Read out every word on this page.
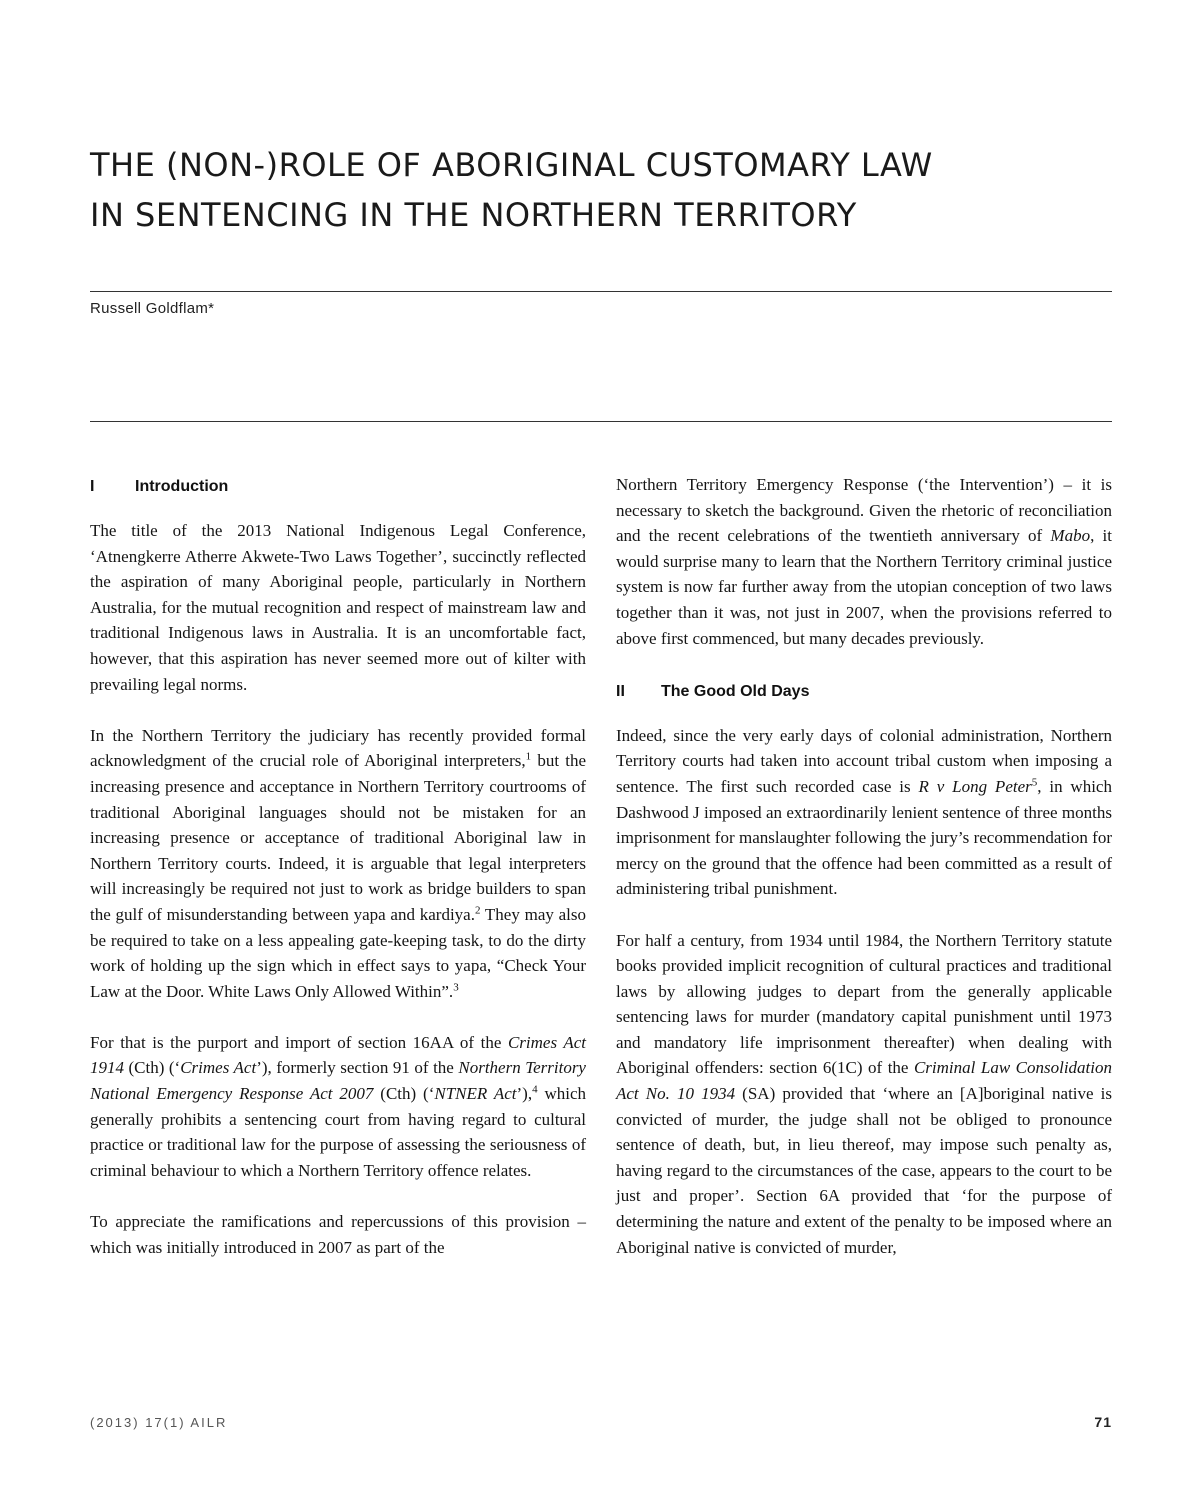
THE (NON-)ROLE OF ABORIGINAL CUSTOMARY LAW
IN SENTENCING IN THE NORTHERN TERRITORY
Russell Goldflam*
I	Introduction

The title of the 2013 National Indigenous Legal Conference, ‘Atnengkerre Atherre Akwete-Two Laws Together’, succinctly reflected the aspiration of many Aboriginal people, particularly in Northern Australia, for the mutual recognition and respect of mainstream law and traditional Indigenous laws in Australia. It is an uncomfortable fact, however, that this aspiration has never seemed more out of kilter with prevailing legal norms.

In the Northern Territory the judiciary has recently provided formal acknowledgment of the crucial role of Aboriginal interpreters,$^1$ but the increasing presence and acceptance in Northern Territory courtrooms of traditional Aboriginal languages should not be mistaken for an increasing presence or acceptance of traditional Aboriginal law in Northern Territory courts. Indeed, it is arguable that legal interpreters will increasingly be required not just to work as bridge builders to span the gulf of misunderstanding between yapa and kardiya.$^2$ They may also be required to take on a less appealing gate-keeping task, to do the dirty work of holding up the sign which in effect says to yapa, “Check Your Law at the Door. White Laws Only Allowed Within”.$^3$

For that is the purport and import of section 16AA of the Crimes Act 1914 (Cth) (‘Crimes Act’), formerly section 91 of the Northern Territory National Emergency Response Act 2007 (Cth) (‘NTNER Act’),$^4$ which generally prohibits a sentencing court from having regard to cultural practice or traditional law for the purpose of assessing the seriousness of criminal behaviour to which a Northern Territory offence relates.

To appreciate the ramifications and repercussions of this provision – which was initially introduced in 2007 as part of the

Northern Territory Emergency Response (‘the Intervention’) – it is necessary to sketch the background. Given the rhetoric of reconciliation and the recent celebrations of the twentieth anniversary of Mabo, it would surprise many to learn that the Northern Territory criminal justice system is now far further away from the utopian conception of two laws together than it was, not just in 2007, when the provisions referred to above first commenced, but many decades previously.

II The Good Old Days

Indeed, since the very early days of colonial administration, Northern Territory courts had taken into account tribal custom when imposing a sentence. The first such recorded case is R v Long Peter$^5$, in which Dashwood J imposed an extraordinarily lenient sentence of three months imprisonment for manslaughter following the jury’s recommendation for mercy on the ground that the offence had been committed as a result of administering tribal punishment.

For half a century, from 1934 until 1984, the Northern Territory statute books provided implicit recognition of cultural practices and traditional laws by allowing judges to depart from the generally applicable sentencing laws for murder (mandatory capital punishment until 1973 and mandatory life imprisonment thereafter) when dealing with Aboriginal offenders: section 6(1C) of the Criminal Law Consolidation Act No. 10 1934 (SA) provided that ‘where an [A]boriginal native is convicted of murder, the judge shall not be obliged to pronounce sentence of death, but, in lieu thereof, may impose such penalty as, having regard to the circumstances of the case, appears to the court to be just and proper’. Section 6A provided that ‘for the purpose of determining the nature and extent of the penalty to be imposed where an Aboriginal native is convicted of murder,

(2013) 17(1) AILR	71
